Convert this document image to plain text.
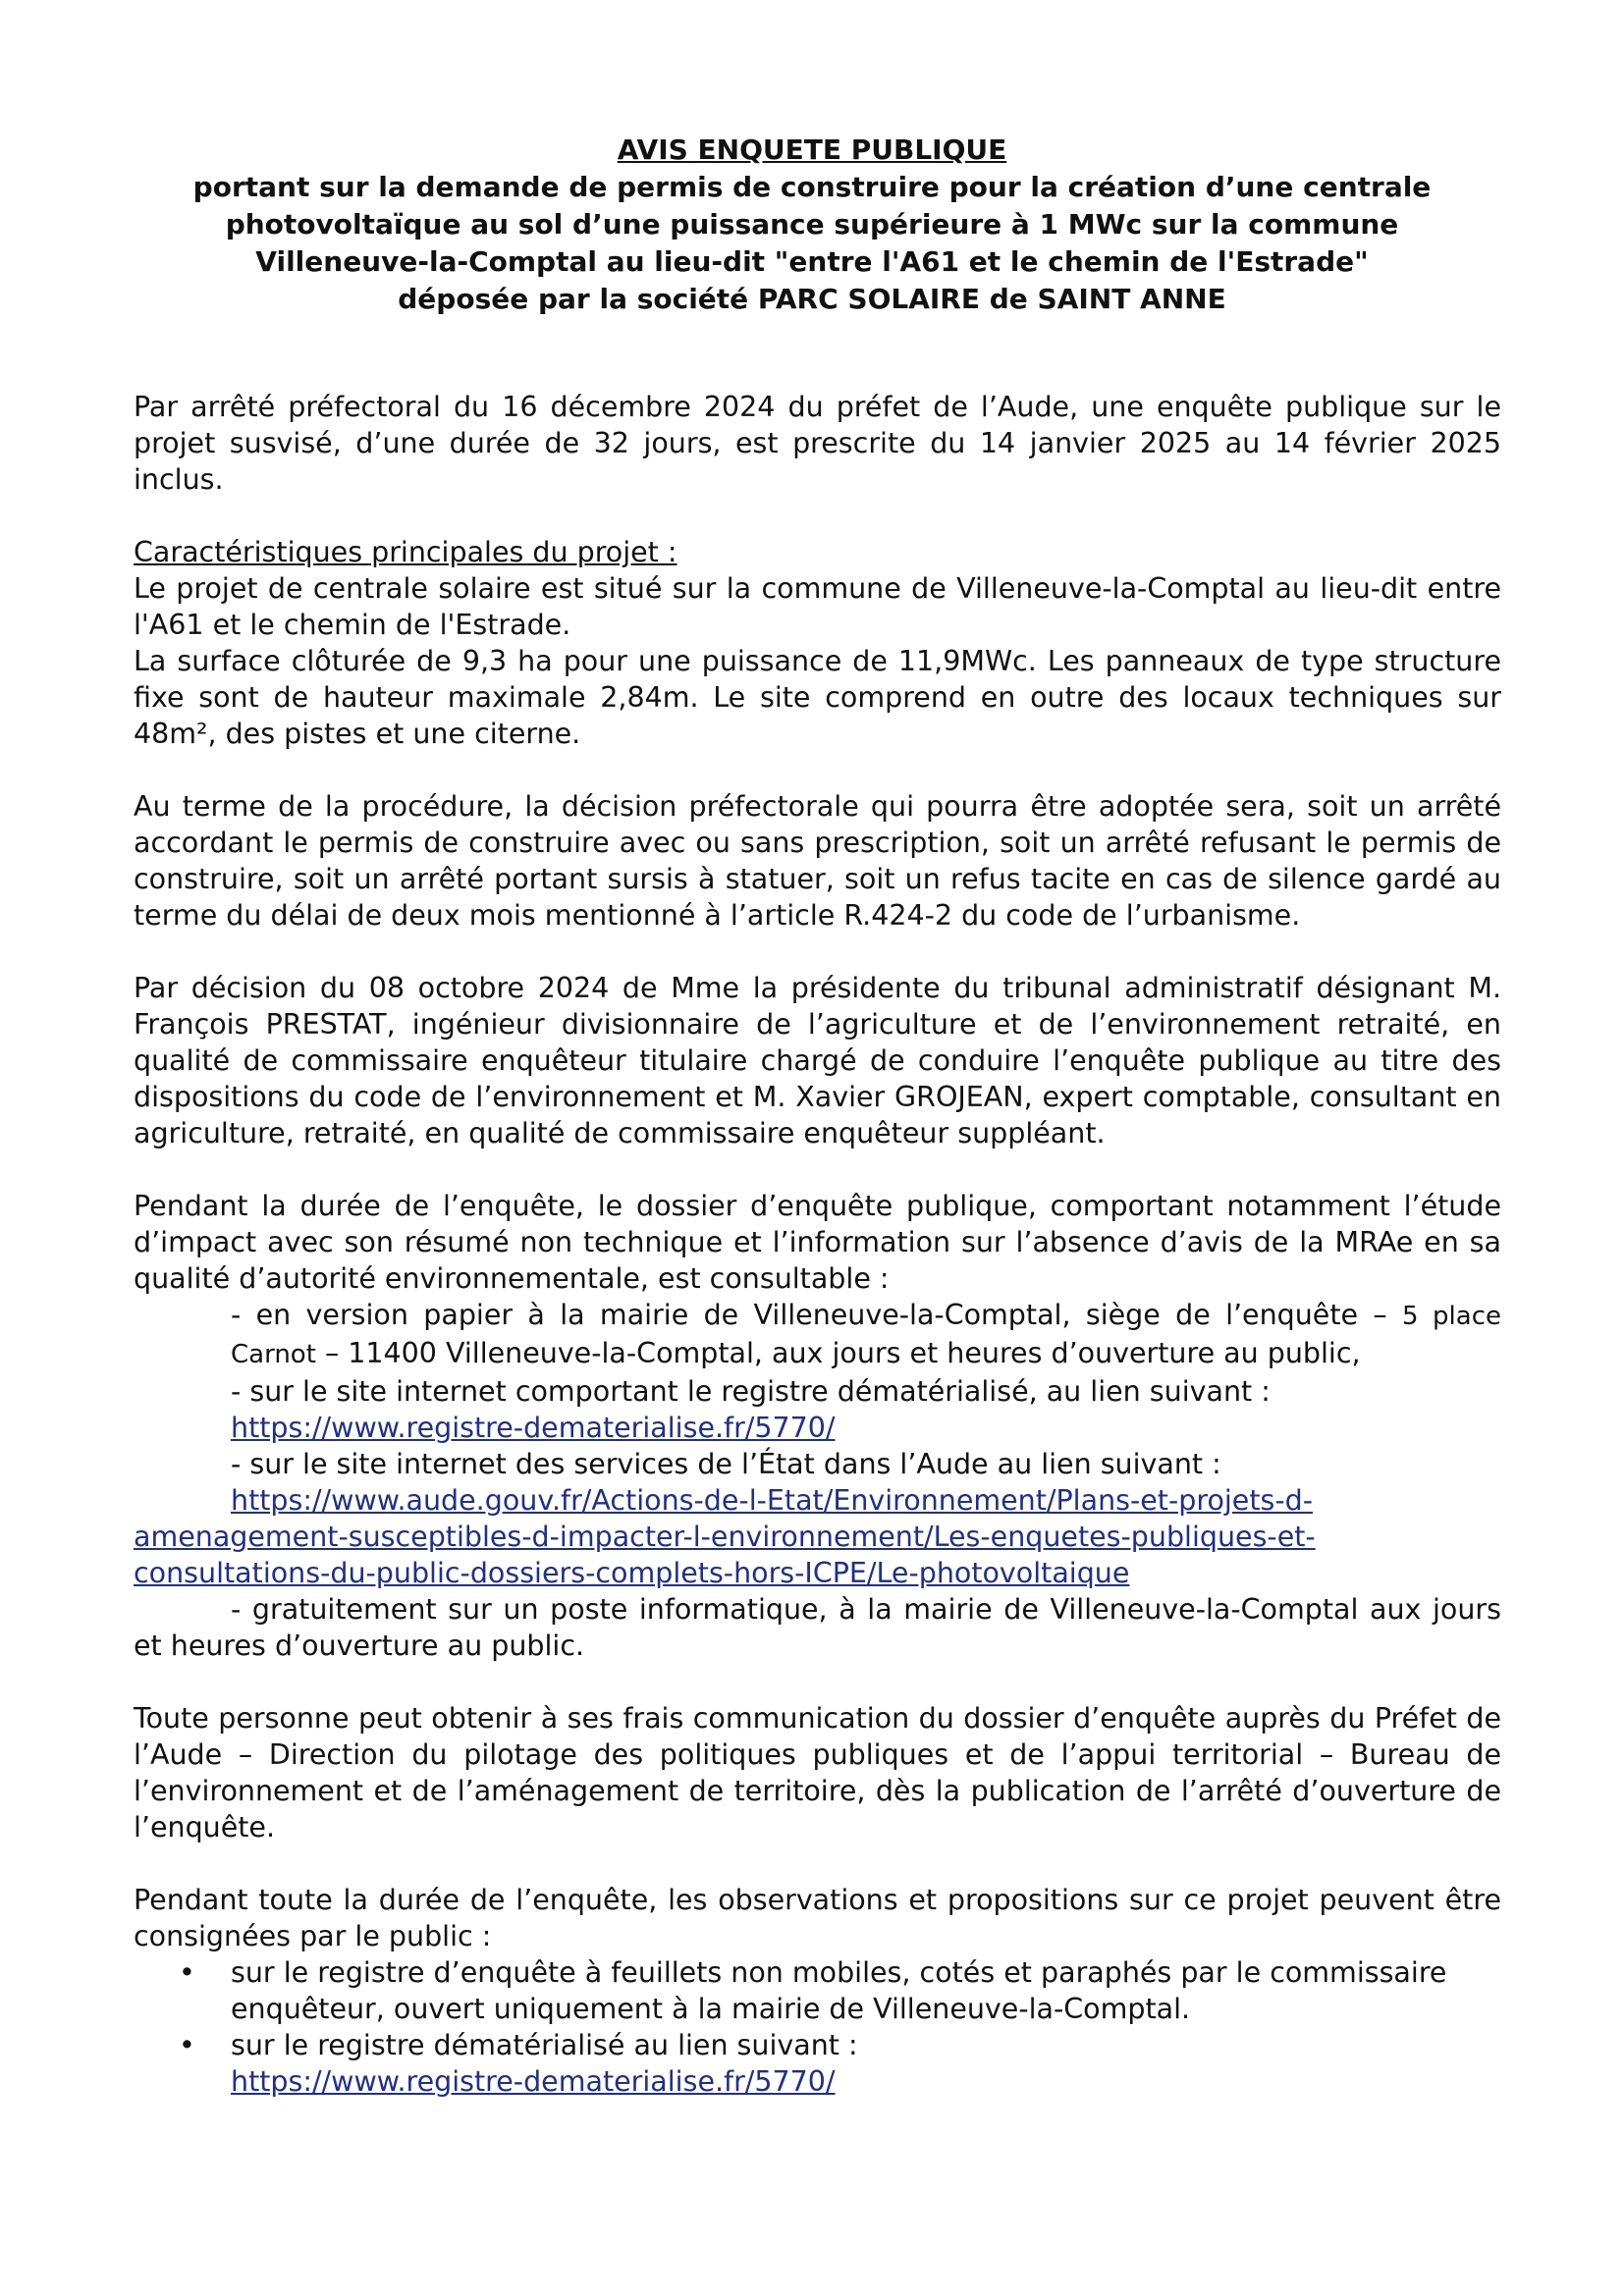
AVIS ENQUETE PUBLIQUE
portant sur la demande de permis de construire pour la création d’une centrale
photovoltaïque au sol d’une puissance supérieure à 1 MWc sur la commune
Villeneuve-la-Comptal au lieu-dit "entre l'A61 et le chemin de l'Estrade"
déposée par la société PARC SOLAIRE de SAINT ANNE

Par arrêté préfectoral du 16 décembre 2024 du préfet de l’Aude, une enquête publique sur le projet susvisé, d’une durée de 32 jours, est prescrite du 14 janvier 2025 au 14 février 2025 inclus.

Caractéristiques principales du projet :

Le projet de centrale solaire est situé sur la commune de Villeneuve-la-Comptal au lieu-dit entre l'A61 et le chemin de l'Estrade.

La surface clôturée de 9,3 ha pour une puissance de 11,9MWc. Les panneaux de type structure fixe sont de hauteur maximale 2,84m. Le site comprend en outre des locaux techniques sur 48m², des pistes et une citerne.

Au terme de la procédure, la décision préfectorale qui pourra être adoptée sera, soit un arrêté accordant le permis de construire avec ou sans prescription, soit un arrêté refusant le permis de construire, soit un arrêté portant sursis à statuer, soit un refus tacite en cas de silence gardé au terme du délai de deux mois mentionné à l’article R.424-2 du code de l’urbanisme.

Par décision du 08 octobre 2024 de Mme la présidente du tribunal administratif désignant M. François PRESTAT, ingénieur divisionnaire de l’agriculture et de l’environnement retraité, en qualité de commissaire enquêteur titulaire chargé de conduire l’enquête publique au titre des dispositions du code de l’environnement et M. Xavier GROJEAN, expert comptable, consultant en agriculture, retraité, en qualité de commissaire enquêteur suppléant.

Pendant la durée de l’enquête, le dossier d’enquête publique, comportant notamment l’étude d’impact avec son résumé non technique et l’information sur l’absence d’avis de la MRAe en sa qualité d’autorité environnementale, est consultable :

- en version papier à la mairie de Villeneuve-la-Comptal, siège de l’enquête – 5 place Carnot – 11400 Villeneuve-la-Comptal, aux jours et heures d’ouverture au public,

- sur le site internet comportant le registre dématérialisé, au lien suivant :

https://www.registre-dematerialise.fr/5770/

- sur le site internet des services de l’État dans l’Aude au lien suivant :

https://www.aude.gouv.fr/Actions-de-l-Etat/Environnement/Plans-et-projets-d-
amenagement-susceptibles-d-impacter-l-environnement/Les-enquetes-publiques-et-
consultations-du-public-dossiers-complets-hors-ICPE/Le-photovoltaique

- gratuitement sur un poste informatique, à la mairie de Villeneuve-la-Comptal aux jours et heures d’ouverture au public.

Toute personne peut obtenir à ses frais communication du dossier d’enquête auprès du Préfet de l’Aude – Direction du pilotage des politiques publiques et de l’appui territorial – Bureau de l’environnement et de l’aménagement de territoire, dès la publication de l’arrêté d’ouverture de l’enquête.

Pendant toute la durée de l’enquête, les observations et propositions sur ce projet peuvent être consignées par le public :

• sur le registre d’enquête à feuillets non mobiles, cotés et paraphés par le commissaire enquêteur, ouvert uniquement à la mairie de Villeneuve-la-Comptal.
• sur le registre dématérialisé au lien suivant :
https://www.registre-dematerialise.fr/5770/
